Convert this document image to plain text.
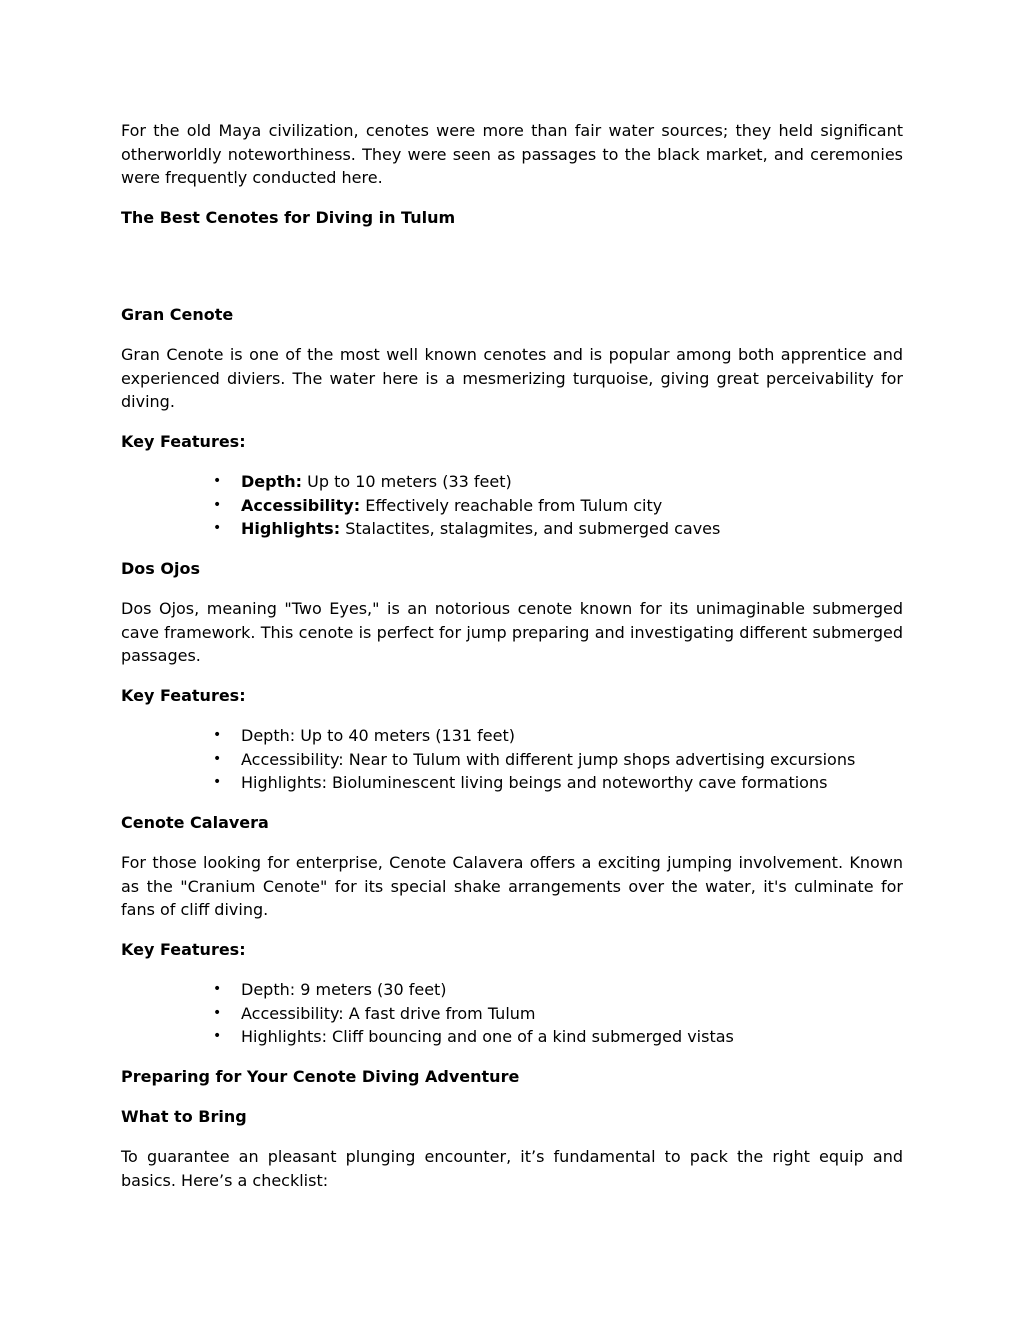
For the old Maya civilization, cenotes were more than fair water sources; they held significant otherworldly noteworthiness. They were seen as passages to the black market, and ceremonies were frequently conducted here.

The Best Cenotes for Diving in Tulum
Gran Cenote

Gran Cenote is one of the most well known cenotes and is popular among both apprentice and experienced diviers. The water here is a mesmerizing turquoise, giving great perceivability for diving.

Key Features:
• Depth: Up to 10 meters (33 feet)
• Accessibility: Effectively reachable from Tulum city
• Highlights: Stalactites, stalagmites, and submerged caves
Dos Ojos

Dos Ojos, meaning "Two Eyes," is an notorious cenote known for its unimaginable submerged cave framework. This cenote is perfect for jump preparing and investigating different submerged passages.

Key Features:
• Depth: Up to 40 meters (131 feet)
• Accessibility: Near to Tulum with different jump shops advertising excursions
• Highlights: Bioluminescent living beings and noteworthy cave formations
Cenote Calavera

For those looking for enterprise, Cenote Calavera offers a exciting jumping involvement. Known as the "Cranium Cenote" for its special shake arrangements over the water, it's culminate for fans of cliff diving.

Key Features:
• Depth: 9 meters (30 feet)
• Accessibility: A fast drive from Tulum
• Highlights: Cliff bouncing and one of a kind submerged vistas
Preparing for Your Cenote Diving Adventure
What to Bring

To guarantee an pleasant plunging encounter, it’s fundamental to pack the right equip and basics. Here’s a checklist:
